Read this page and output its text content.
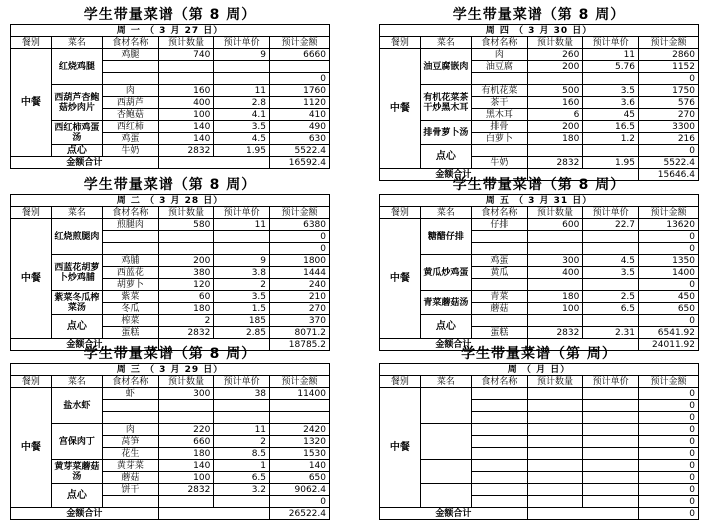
学生带量菜谱（第 8 周）
周 一 （ 3 月 27 日）					
餐别	菜名	食材名称	预计数量	预计单价	预计金额
中餐	红烧鸡腿	鸡腿	740	9	6660

					0
	西葫芦杏鲍菇炒肉片	肉	160	11	1760
		西葫芦	400	2.8	1120
		杏鲍菇	100	4.1	410
	西红柿鸡蛋汤	西红柿	140	3.5	490
		鸡蛋	140	4.5	630
	点心	牛奶	2832	1.95	5522.4
金额合计					16592.4
学生带量菜谱（第 8 周）
周 四 （ 3 月 30 日）					
餐别	菜名	食材名称	预计数量	预计单价	预计金额
中餐	油豆腐嵌肉	肉	260	11	2860
		油豆腐	200	5.76	1152
					0
	有机花菜茶干炒黑木耳	有机花菜	500	3.5	1750
		茶干	160	3.6	576
		黑木耳	6	45	270
	排骨萝卜汤	排骨	200	16.5	3300
		白萝卜	180	1.2	216
	点心				0
		牛奶	2832	1.95	5522.4
金额合计					15646.4
学生带量菜谱（第 8 周）
周 二 （ 3 月 28 日）					
餐别	菜名	食材名称	预计数量	预计单价	预计金额
中餐	红烧煎腿肉	煎腿肉	580	11	6380
					0
					0
	西蓝花胡萝卜炒鸡脯	鸡脯	200	9	1800
		西蓝花	380	3.8	1444
		胡萝卜	120	2	240
	紫菜冬瓜榨菜汤	紫菜	60	3.5	210
		冬瓜	180	1.5	270
	点心	榨菜	2	185	370
		蛋糕	2832	2.85	8071.2
金额合计					18785.2
学生带量菜谱（第 8 周）
周 五 （ 3 月 31 日）					
餐别	菜名	食材名称	预计数量	预计单价	预计金额
中餐	糖醋仔排	仔排	600	22.7	13620
					0
					0
	黄瓜炒鸡蛋	鸡蛋	300	4.5	1350
		黄瓜	400	3.5	1400
					0
	青菜蘑菇汤	青菜	180	2.5	450
		蘑菇	100	6.5	650
	点心				0
		蛋糕	2832	2.31	6541.92
金额合计					24011.92
学生带量菜谱（第 8 周）
周 三 （ 3 月 29 日）					
餐别	菜名	食材名称	预计数量	预计单价	预计金额
中餐	盐水虾	虾	300	38	11400

	宫保肉丁	肉	220	11	2420
		莴笋	660	2	1320
		花生	180	8.5	1530
	黄芽菜蘑菇汤	黄芽菜	140	1	140
		蘑菇	100	6.5	650
	点心	饼干	2832	3.2	9062.4
					0
金额合计					26522.4
学生带量菜谱（第 周）
周 （ 月 日）					
餐别	菜名	食材名称	预计数量	预计单价	预计金额
中餐					0
					0
					0
					0
					0
					0
					0
					0
					0
					0
金额合计					0
